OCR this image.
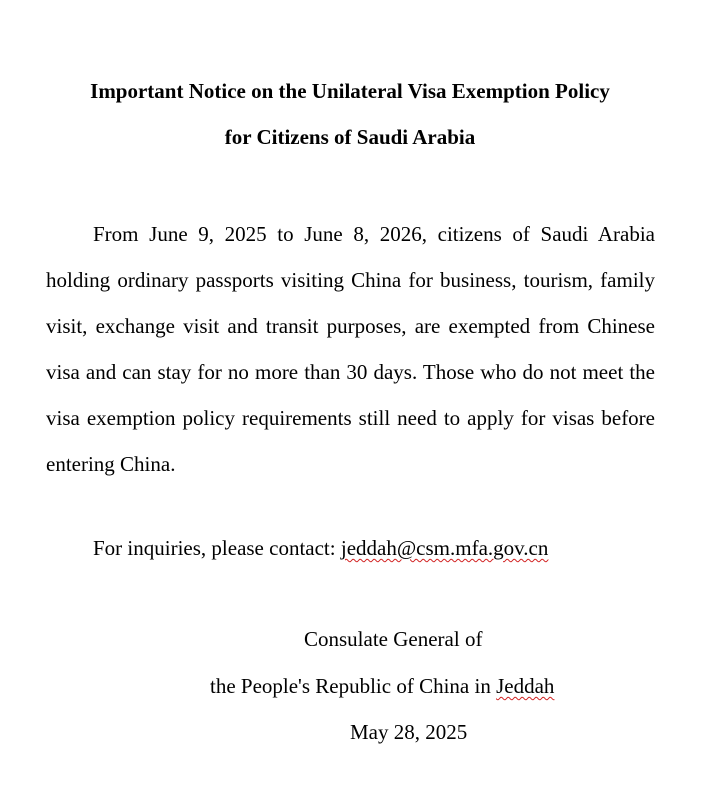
Important Notice on the Unilateral Visa Exemption Policy
for Citizens of Saudi Arabia

From June 9, 2025 to June 8, 2026, citizens of Saudi Arabia holding ordinary passports visiting China for business, tourism, family visit, exchange visit and transit purposes, are exempted from Chinese visa and can stay for no more than 30 days. Those who do not meet the visa exemption policy requirements still need to apply for visas before entering China.

For inquiries, please contact: jeddah@csm.mfa.gov.cn

Consulate General of

the People's Republic of China in Jeddah

May 28, 2025
